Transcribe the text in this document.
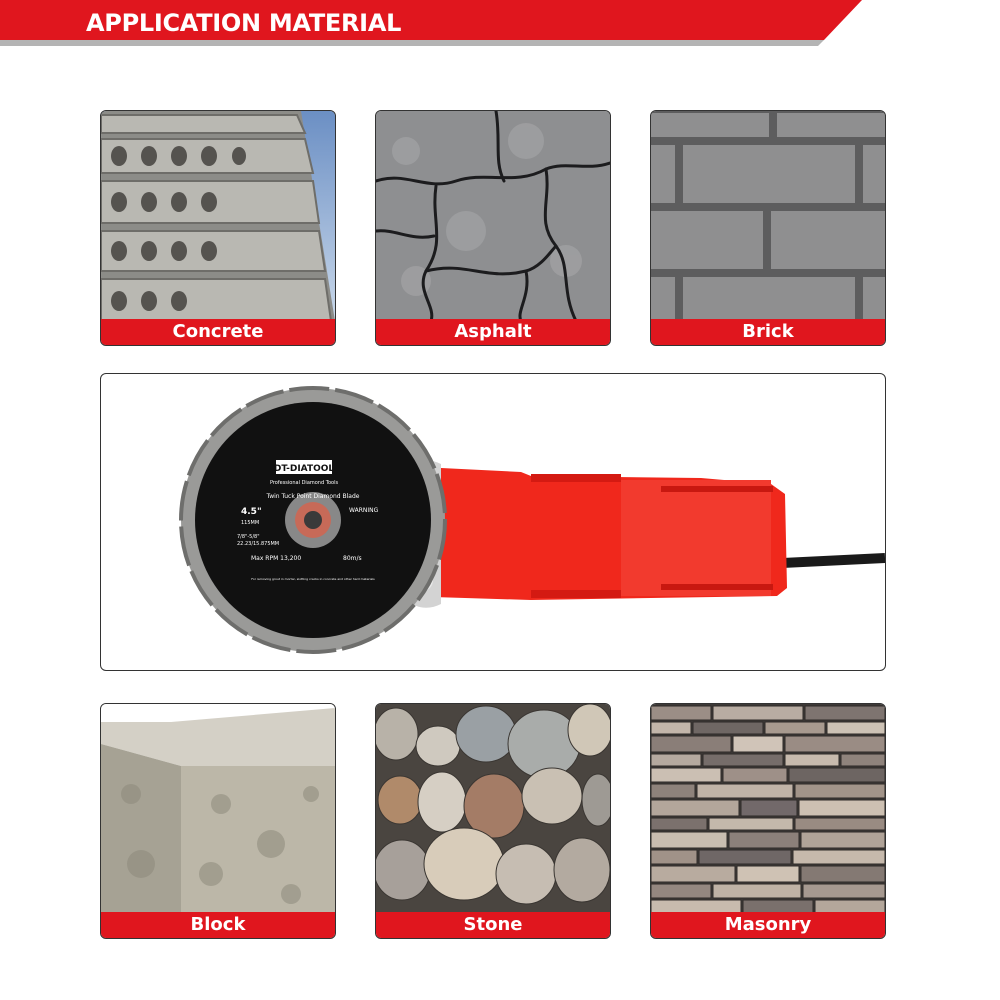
APPLICATION MATERIAL
Concrete	Asphalt	Brick
DT-DIATOOL
Professional Diamond Tools
Twin Tuck Point Diamond Blade
4.5"
115MM
WARNING
7/8"-5/8"
22.23/15.875MM
Max RPM 13,200	80m/s
For removing grout in mortar, slotting cracks in concrete and other hard materials
Block	Stone	Masonry
